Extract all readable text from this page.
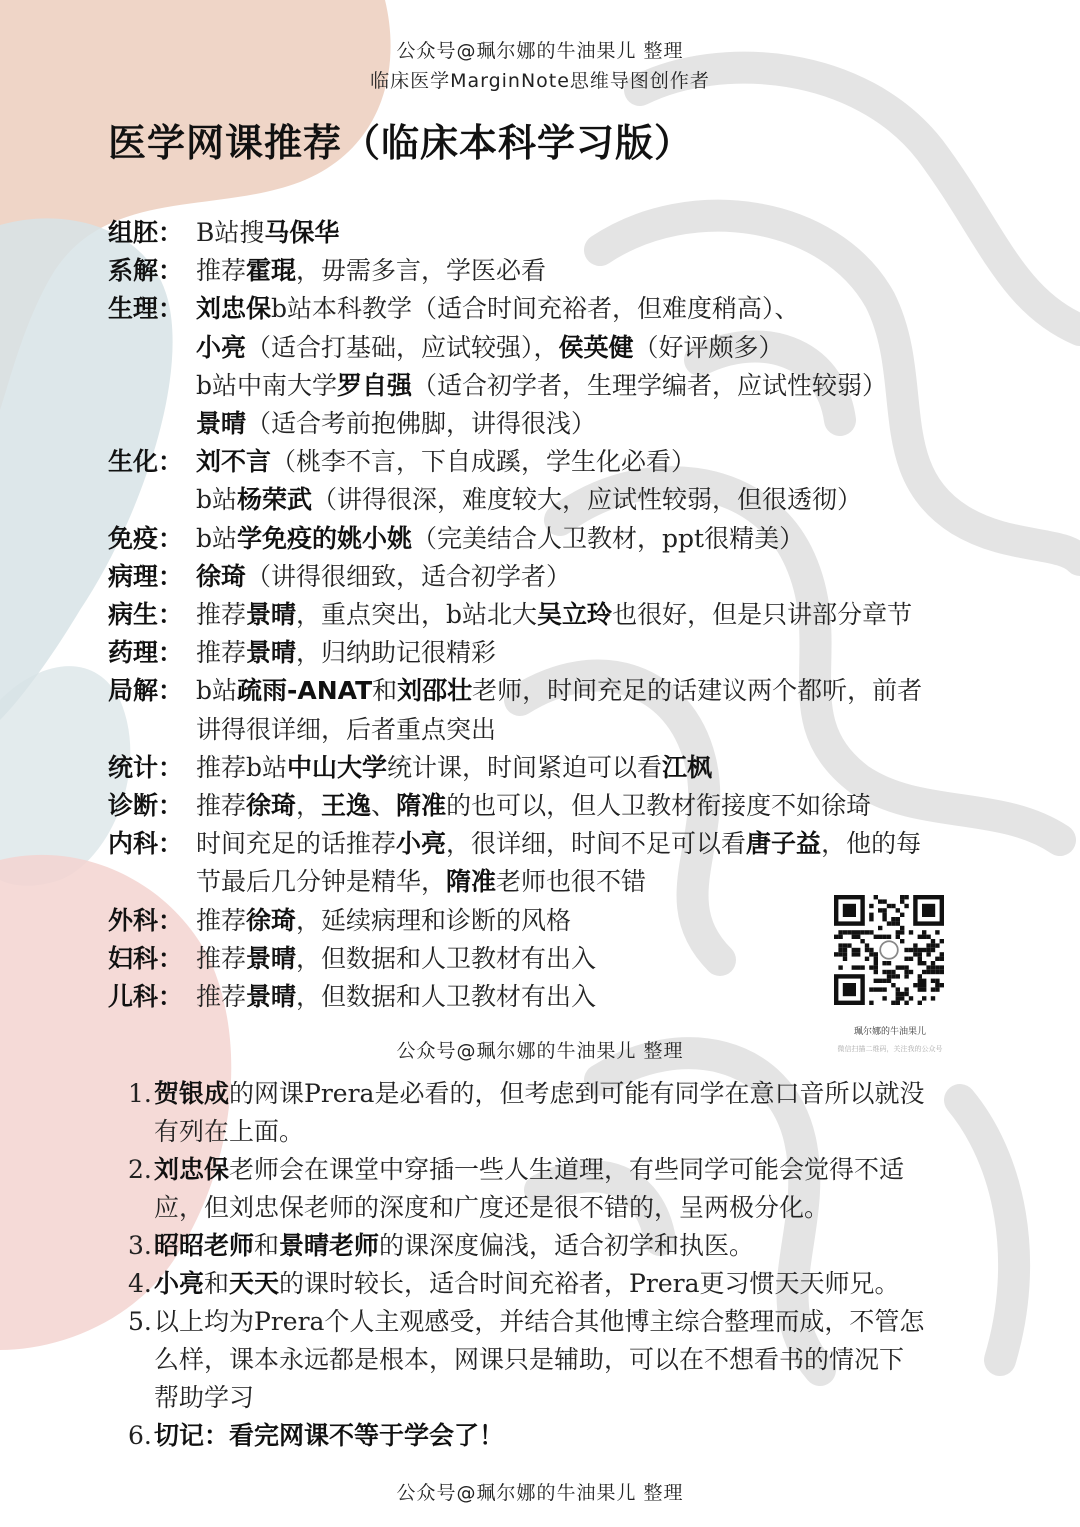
公众号@珮尔娜的牛油果儿 整理
临床医学MarginNote思维导图创作者
医学网课推荐（临床本科学习版）
组胚： B站搜马保华
系解： 推荐霍琨，毋需多言，学医必看
生理： 刘忠保b站本科教学（适合时间充裕者，但难度稍高）、
小亮（适合打基础，应试较强），侯英健（好评颇多）
b站中南大学罗自强（适合初学者，生理学编者，应试性较弱）
景晴（适合考前抱佛脚，讲得很浅）
生化： 刘不言（桃李不言，下自成蹊，学生化必看）
b站杨荣武（讲得很深，难度较大，应试性较弱，但很透彻）
免疫： b站学免疫的姚小姚（完美结合人卫教材，ppt很精美）
病理： 徐琦（讲得很细致，适合初学者）
病生： 推荐景晴，重点突出，b站北大吴立玲也很好，但是只讲部分章节
药理： 推荐景晴，归纳助记很精彩
局解： b站疏雨-ANAT和刘邵壮老师，时间充足的话建议两个都听，前者
讲得很详细，后者重点突出
统计： 推荐b站中山大学统计课，时间紧迫可以看江枫
诊断： 推荐徐琦，王逸、隋准的也可以，但人卫教材衔接度不如徐琦
内科： 时间充足的话推荐小亮，很详细，时间不足可以看唐子益，他的每
节最后几分钟是精华，隋准老师也很不错
外科： 推荐徐琦，延续病理和诊断的风格
妇科： 推荐景晴，但数据和人卫教材有出入
儿科： 推荐景晴，但数据和人卫教材有出入
珮尔娜的牛油果儿
微信扫描二维码，关注我的公众号
公众号@珮尔娜的牛油果儿 整理
1. 贺银成的网课Prera是必看的，但考虑到可能有同学在意口音所以就没
有列在上面。
2. 刘忠保老师会在课堂中穿插一些人生道理，有些同学可能会觉得不适
应，但刘忠保老师的深度和广度还是很不错的，呈两极分化。
3. 昭昭老师和景晴老师的课深度偏浅，适合初学和执医。
4. 小亮和天天的课时较长，适合时间充裕者，Prera更习惯天天师兄。
5. 以上均为Prera个人主观感受，并结合其他博主综合整理而成，不管怎
么样，课本永远都是根本，网课只是辅助，可以在不想看书的情况下
帮助学习
6. 切记：看完网课不等于学会了！
公众号@珮尔娜的牛油果儿 整理
